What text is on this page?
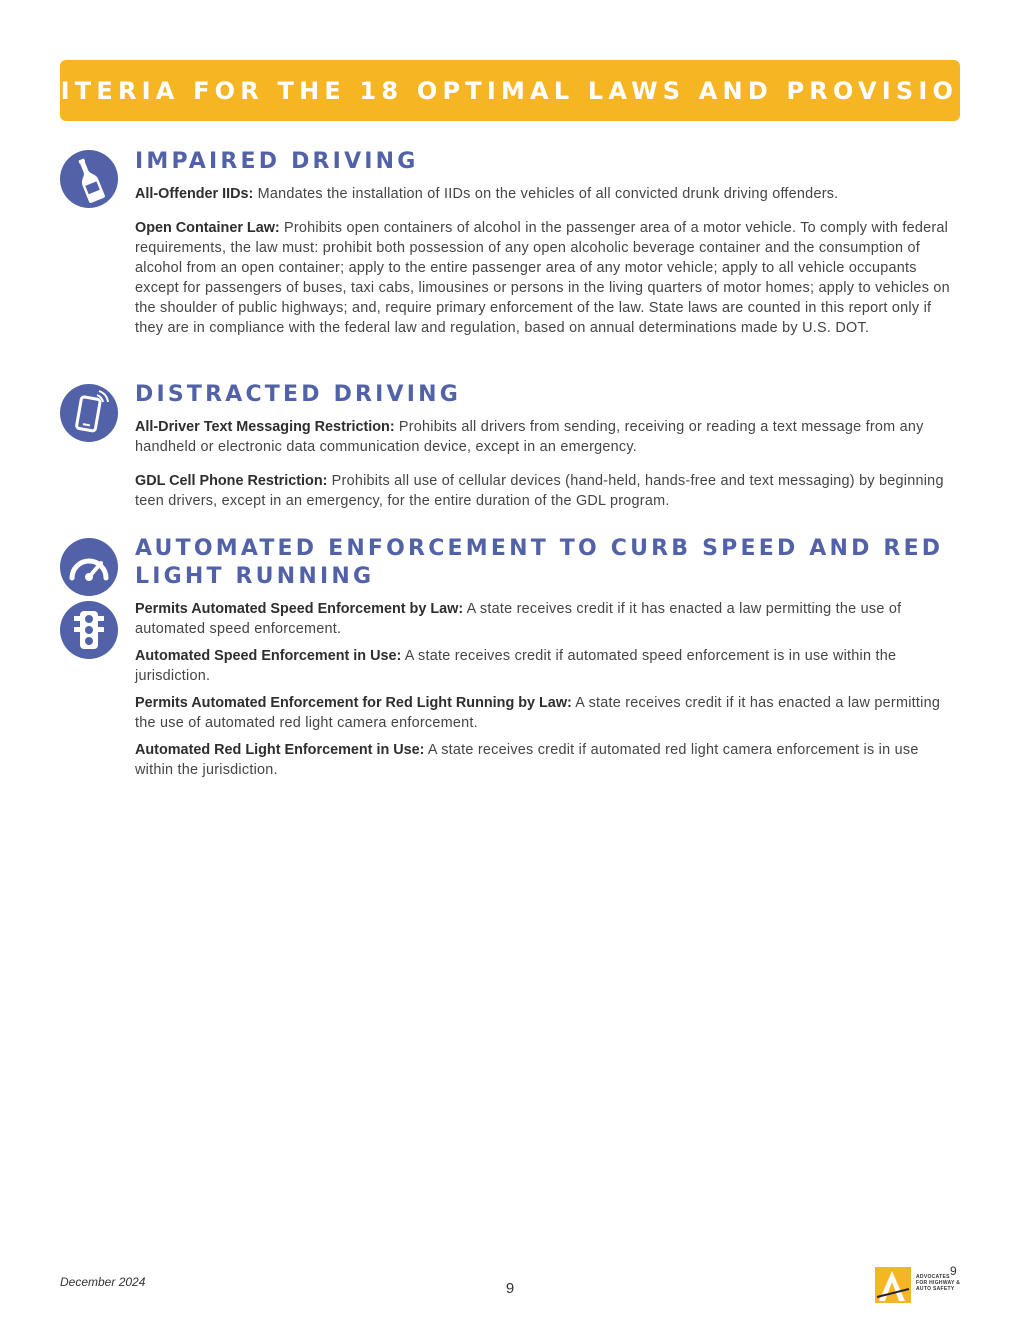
CRITERIA FOR THE 18 OPTIMAL LAWS AND PROVISIONS
IMPAIRED DRIVING

All-Offender IIDs: Mandates the installation of IIDs on the vehicles of all convicted drunk driving offenders.

Open Container Law: Prohibits open containers of alcohol in the passenger area of a motor vehicle. To comply with federal requirements, the law must: prohibit both possession of any open alcoholic beverage container and the consumption of alcohol from an open container; apply to the entire passenger area of any motor vehicle; apply to all vehicle occupants except for passengers of buses, taxi cabs, limousines or persons in the living quarters of motor homes; apply to vehicles on the shoulder of public highways; and, require primary enforcement of the law. State laws are counted in this report only if they are in compliance with the federal law and regulation, based on annual determinations made by U.S. DOT.

DISTRACTED DRIVING

All-Driver Text Messaging Restriction: Prohibits all drivers from sending, receiving or reading a text message from any handheld or electronic data communication device, except in an emergency.

GDL Cell Phone Restriction: Prohibits all use of cellular devices (hand-held, hands-free and text messaging) by beginning teen drivers, except in an emergency, for the entire duration of the GDL program.

AUTOMATED ENFORCEMENT TO CURB SPEED AND RED LIGHT RUNNING

Permits Automated Speed Enforcement by Law: A state receives credit if it has enacted a law permitting the use of automated speed enforcement.

Automated Speed Enforcement in Use: A state receives credit if automated speed enforcement is in use within the jurisdiction.

Permits Automated Enforcement for Red Light Running by Law: A state receives credit if it has enacted a law permitting the use of automated red light camera enforcement.

Automated Red Light Enforcement in Use: A state receives credit if automated red light camera enforcement is in use within the jurisdiction.

December 2024	9
ADVOCATES FOR HIGHWAY & AUTO SAFETY
9
